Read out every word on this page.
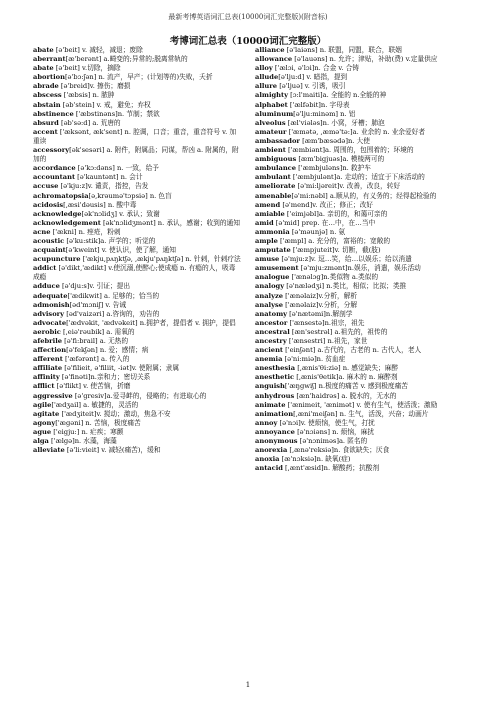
最新考博英语词汇总表(10000词汇完整版)(附音标)
考博词汇总表（10000词汇完整版）

abate [ə'beit] v. 减轻，减退；废除

aberrant[æ'berənt] a.畸变的;异常的;脱离常轨的

abate [ə'beit] v.切除，摘除

abortion[ə'bɔ:ʃən] n. 流产，早产；(计划等的)失败，夭折

abrade [ə'breid]v. 擦伤；磨损

abscess ['æbsis] n. 脓肿

abstain [əb'stein] v. 戒，避免；弃权

abstinence ['æbstinəns]n. 节制；禁欲

absurd [əb'sə:d] a. 荒唐的

accent ['æksənt, æk'sent] n. 腔调，口音；重音，重音符号 v. 加重读

accessory[ək'sesəri] a. 附件，附属品；同谋，帮凶 a. 附属的，附加的

accordance [ə'kɔ:dəns] n. 一致，给予

accountant [ə'kauntənt] n. 会计

accuse [ə'kju:z]v. 谴责，指控，告发

achromatopsia[ə,krəumə'tɔpsiə] n. 色盲

acidosis[,æsi'dəusis] n. 酸中毒

acknowledge[ək'nɔlidʒ] v. 承认；致谢

acknowledgement [ək'nɔlidʒmənt] n. 承认，感谢；收到的通知

acne ['ækni] n. 痤疮，粉刺

acoustic [ə'ku:stik]a. 声学的；听觉的

acquaint[ə'kweint] v. 使认识，使了解，通知

acupuncture ['ækju,pʌŋktʃə, ,ækju'pʌŋktʃə] n. 针刺，针刺疗法

addict [ə'dikt,'ædikt] v.使沉溺,使醉心;使成瘾 n. 有瘾的人，吸毒成瘾

adduce [ə'dju:s]v. 引证；提出

adequate['ædikwit] a. 足够的；恰当的

admonish[əd'mɔniʃ] v. 告诫

advisory [əd'vaizəri] a.咨询的，劝告的

advocate['ædvəkit, 'ædvəkeit] n.拥护者，提倡者 v. 拥护，提倡

aerobic [,eiə'rəubik] a. 需氧的

afebrile [ə'fi:brail] a. 无热的

affection[ə'fekʃən] n. 爱；感情；病

afferent ['æfərənt] a. 传入的

affiliate [ə'filieit, ə'filiit, -iət]v. 使附属；隶属

affinity [ə'finəti]n.亲和力；密切关系

afflict [ə'flikt] v. 使苦恼，折磨

aggressive [ə'gresiv]a.爱寻衅的，侵略的；有进取心的

agile['ædʒail] a. 敏捷的，灵活的

agitate ['ædʒiteit]v. 搅动；激动，焦急不安

agony['ægəni] n. 苦恼，极度痛苦

ague ['eigju:] n. 疟疾；寒颤

alga ['ælgə]n. 水藻，海藻

alleviate [ə'li:vieit] v. 减轻(痛苦)，缓和

alliance [ə'laiəns] n. 联盟，同盟，联合，联姻

allowance [ə'lauəns] n. 允许；津贴，补助(费) v.定量供应

alloy ['ælɔi, ə'lɔi]n. 合金 v. 合铸

allude[ə'lju:d] v. 暗指，提到

allure [ə'ljuə] v. 引诱，吸引

almighty [ɔ:l'maiti]a. 全能的 n.全能的神

alphabet ['ælfəbit]n. 字母表

aluminum[ə'lju:minəm] n. 铝

alveolus [æl'viələs]n. 小窝，牙槽；肺泡

amateur ['æmətə, ,æmə'tə:]a. 业余的 n. 业余爱好者

ambassador [æm'bæsədə]n. 大使

ambient ['æmbiənt]a. 周围的，包围着的；环境的

ambiguous [æm'bigjuəs]a. 模棱两可的

ambulance ['æmbjuləns]n. 救护车

ambulant ['æmbjulənt]a. 走动的；适宜于下床活动的

ameliorate [ə'mi:ljəreit]v. 改善，改良，转好

amenable[ə'mi:nəbl] a.顺从的，有义务的；经得起检验的

amend [ə'mend]v. 改正；修正；改好

amiable ['eimjəbl]a. 亲切的，和蔼可亲的

amid [ə'mid] prep. 在…中，在…当中

ammonia [ə'məunjə] n. 氨

ample ['æmpl] a. 充分的，富裕的；宽敞的

amputate ['æmpjuteit]v. 切断，截(肢)

amuse [ə'mju:z]v. 逗…笑，给…以娱乐；给以消遣

amusement [ə'mju:zmənt]n.娱乐，消遣，娱乐活动

analogue ['ænəlɔg]n.类似物 a.类似的

analogy [ə'nælədʒi] n.类比，相似；比拟；类推

analyze ['ænəlaiz]v.分析，解析

analyse ['ænəlaiz]v.分析，分解

anatomy [ə'nætəmi]n.解剖学

ancestor ['ænsestə]n.祖宗，祖先

ancestral [æn'sestrəl] a.祖先的，祖传的

ancestry ['ænsestri] n.祖先，家世

ancient ['einʃənt] a.古代的，古老的 n. 古代人，老人

anemia [ə'ni:miə]n. 贫血症

anesthesia [,ænis'θi:ziə] n. 感觉缺失；麻醉

anesthetic [,ænis'θetik]a. 麻木的 n. 麻醉剂

anguish['æŋgwiʃ] n.极度的痛苦 v. 感到极度痛苦

anhydrous [æn'haidrəs] a. 脱水的，无水的

animate ['ænimeit, 'ænimət] v. 使有生气，使活泼；激励

animation[,æni'meiʃən] n. 生气，活泼，兴奋；动画片

annoy [ə'nɔi]v. 使烦恼，使生气，打扰

annoyance [ə'nɔiəns] n. 烦恼，麻扰

anonymous [ə'nɔniməs]a. 匿名的

anorexia [,ænə'reksiə]n. 食欲缺失；厌食

anoxia [æ'nɔksiə]n. 缺氧(症)

antacid [,ænt'æsid]n. 解酸药；抗酸剂

1
